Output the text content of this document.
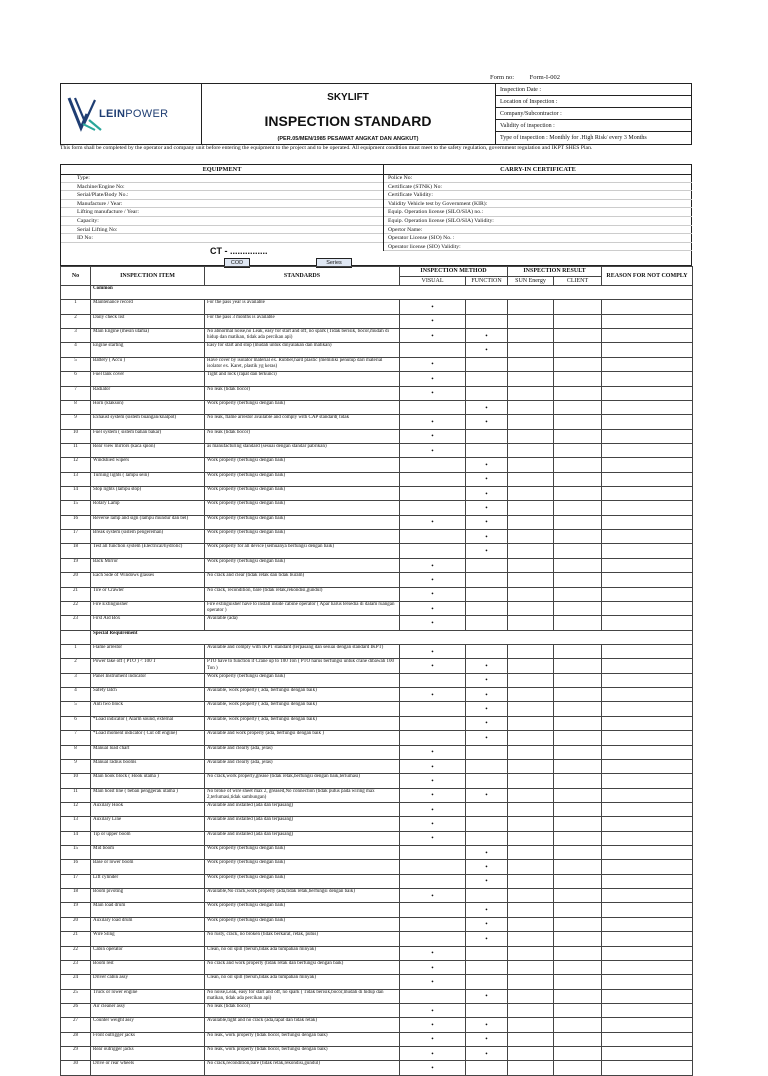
Form no: Form-I-002
LEINPOWER
SKYLIFT
INSPECTION STANDARD
(PER.05/MEN/1985 PESAWAT ANGKAT DAN ANGKUT)
Inspection Date :
Location of Inspection :
Company/Subcontractor :
Validity of inspection :
Type of inspection : Monthly for .High Risk/ every 3 Months
This form shall be completed by the operator and company unit before entering the equipment to the project and to be operated. All equipment condition must meet to the safety regulation, government regulation and IKPT SHES Plan.
EQUIPMENT	CARRY-IN CERTIFICATE
Type:
Machine/Engine No:
Serial/Plate/Body No.:
Manufacture / Year:
Lifting manufacture / Year:
Capacity:
Serial Lifting No:
ID No:
Police No:
Certificate (STNK) No:
Certificate Validity:
Validity Vehicle test by Government (KIR):
Equip. Operation license (SILO/SIA) no.:
Equip. Operation license (SILO/SIA) Validity:
Opertor Name:
Operator License (SIO) No. :
Operator license (SIO) Validity:
CT - ...............
COD	Series
No	INSPECTION ITEM	STANDARDS	INSPECTION METHOD		INSPECTION RESULT		REASON FOR NOT COMPLY
			VISUAL	FUNCTION	SUN Energy	CLIENT	
	Common						
1	Maintenance record	For the pass year is available	•				
2	Daily check list	For the pass 3 months is available	•				
3	Main Engine (mesin utama)	No abnormal noise,no Leak, easy for start and off, no spark (Tidak berisik, bocor,mudah di hidup dan matikan, tidak ada percikan api)	•	•			
4	Engine starting	Easy for start and stop (mudah untuk dinyalakan dan matikan)		•			
5	Battery ( Accu )	Have cover by isolator material ex. Rubber,hard plastic (memiliki penutup dari material isolator ex. Karet, plastik yg keras)	•				
6	Fuel tank cover	Tight and lock (rapat dan terkunci)	•				
7	Radiator	No leak (tidak bocor)	•				
8	Horn (klakson)	Work properly (berfungsi dengan baik)		•			
9	Exhaust system (sistem buangan/knalpot)	No leak, flame arrestor available and comply with CAP standard( tidak	•	•			
10	Fuel system ( sistem bahan bakar)	No leak (tidak bocor)	•				
11	Rear view mirrors (kaca spion)	as manufacturing standard (sesuai dengan standar pabrikan)	•				
12	Windshied wipers	Work properly (berfungsi dengan baik)		•			
13	Turning lights ( lampu sein)	Work properly (berfungsi dengan baik)		•			
14	Stop lights (lampu stop)	Work properly (berfungsi dengan baik)		•			
15	Rotary Lamp	Work properly (berfungsi dengan baik)		•			
16	Reverse lamp and sign (lampu mundur dan bel)	Work properly (berfungsi dengan baik)	•	•			
17	Break system (sistem pengereman)	Work properly (berfungsi dengan baik)		•			
18	Test all function system (Electrical/hydrolic)	Work properly for all device (semuanya berfungsi dengan baik)		•			
19	Back Mirror	Work properly (berfungsi dengan baik)	•				
20	Each Side of Windows glasses	No crack and clear (tidak retak dan tidak buram)	•				
21	Tire or Crawler	No crack, recondition, bare (tidak retak,rekondisi,gundul)	•				
22	Fire Extinguisher	Fire extinguisher have to install inside cabine operator ( Apar harus tersedia di dalam ruangan operator )	•				
23	First Aid Box	Available (ada)	•				
	Special Requirement						
1	Flame arrestor	Available and comply with IKPT standard (terpasang dan sesuai dengan standard IKPT)	•				
2	Power take off ( PTO ) < 100 T	PTO have to function if Crane up to 100 Ton ( PTO harus berfungsi untuk crane dibawah 100 Ton )	•	•			
3	Panel Instrument indicator	Work properly (berfungsi dengan baik)		•			
4	Safety latch	Available, work properly ( ada, berfungsi dengan baik)	•	•			
5	Anti two block	Available, work properly ( ada, berfungsi dengan baik)		•			
6	*Load indicator ( Alarm sound, external	Available, work properly ( ada, berfungsi dengan baik)		•			
7	*Load moment indicator ( Cut off engine)	Available and work properly (ada, berfungsi dengan baik )		•			
8	Manual load chart	Available and clearly (ada, jelas)	•				
9	Manual radius booms	Available and clearly (ada, jelas)	•				
10	Main hook block ( Hook utama )	No crack,work properly,grease (tidak retak,berfungsi dengan baik,terlumasi)	•				
11	Main hoist line ( beban penggerak utama )	No broke of wire sheet max 2, greased,No connection (tidak putus pada wiring max 2,terlumasi,tidak sambungan)	•	•			
12	Auxilary Hook	Available and installed (ada dan terpasang)	•				
13	Auxilary Line	Available and installed (ada dan terpasang)	•				
14	Tip or upper boom	Available and installed (ada dan terpasang)	•				
15	Mid boom	Work properly (berfungsi dengan baik)		•			
16	Base or lower boom	Work properly (berfungsi dengan baik)		•			
17	Lift cylinder	Work properly (berfungsi dengan baik)		•			
18	Boom pivoting	Available,No crack,work properly (ada,tidak retak,berfungsi dengan baik)	•				
19	Main load drum	Work properly (berfungsi dengan baik)		•			
20	Auxilary load drum	Work properly (berfungsi dengan baik)		•			
21	Wire Sling	No rusty, crack, no broken (tidak berkarat, retak, putus)		•			
22	Cabin operator	Clean, no oil spill (bersih,tidak ada tumpahan minyak)	•				
23	Boom rest	No crack and work properly (tidak retak dan berfungsi dengan baik)	•				
24	Driver cabin assy	Clean, no oil spill (bersih,tidak ada tumpahan minyak)	•				
25	Truck or lower engine	No noise,Leak, easy for start and off, no spark ( Tidak berisik,bocor,mudah di hidup dan matikan, tidak ada percikan api)		•			
26	Air cleaner assy	No leak (tidak bocor)	•				
27	Counter weight assy	Available,tight and no crack (ada,rapat dan tidak retak)	•	•			
28	Front outrigger jacks	No leak, work properly (tidak bocor, berfungsi dengan baik)	•	•			
29	Rear outrigger jacks	No leak, work properly (tidak bocor, berfungsi dengan baik)	•	•			
30	Drive or rear wheels	No crack,recondition,bare (tidak retak,rekondisi,gundul)	•				
